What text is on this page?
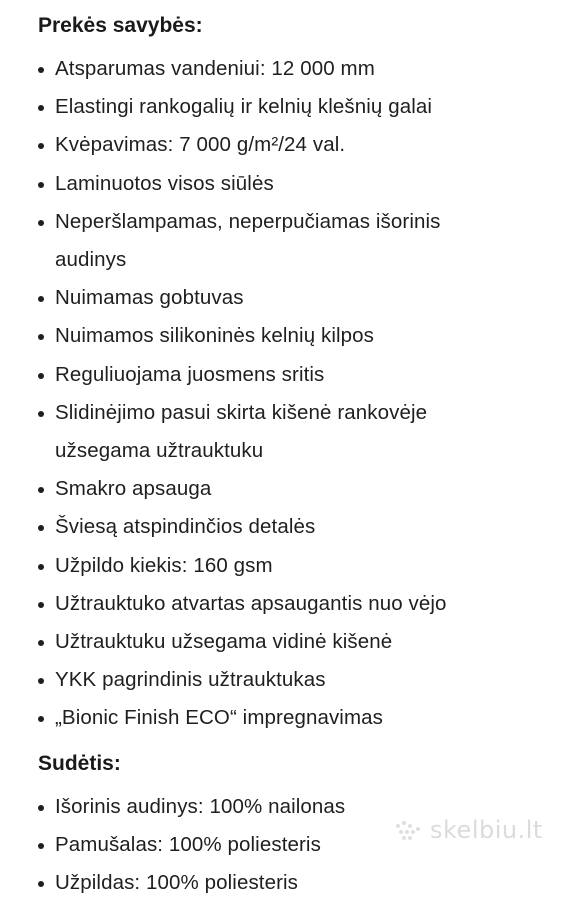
Prekės savybės:
Atsparumas vandeniui: 12 000 mm
Elastingi rankogalių ir kelnių klešnių galai
Kvėpavimas: 7 000 g/m²/24 val.
Laminuotos visos siūlės
Neperšlampamas, neperpučiamas išorinis
audinys
Nuimamas gobtuvas
Nuimamos silikoninės kelnių kilpos
Reguliuojama juosmens sritis
Slidinėjimo pasui skirta kišenė rankovėje
užsegama užtrauktuku
Smakro apsauga
Šviesą atspindinčios detalės
Užpildo kiekis: 160 gsm
Užtrauktuko atvartas apsaugantis nuo vėjo
Užtrauktuku užsegama vidinė kišenė
YKK pagrindinis užtrauktukas
„Bionic Finish ECO“ impregnavimas
Sudėtis:
Išorinis audinys: 100% nailonas
Pamušalas: 100% poliesteris
Užpildas: 100% poliesteris
skelbiu.lt
